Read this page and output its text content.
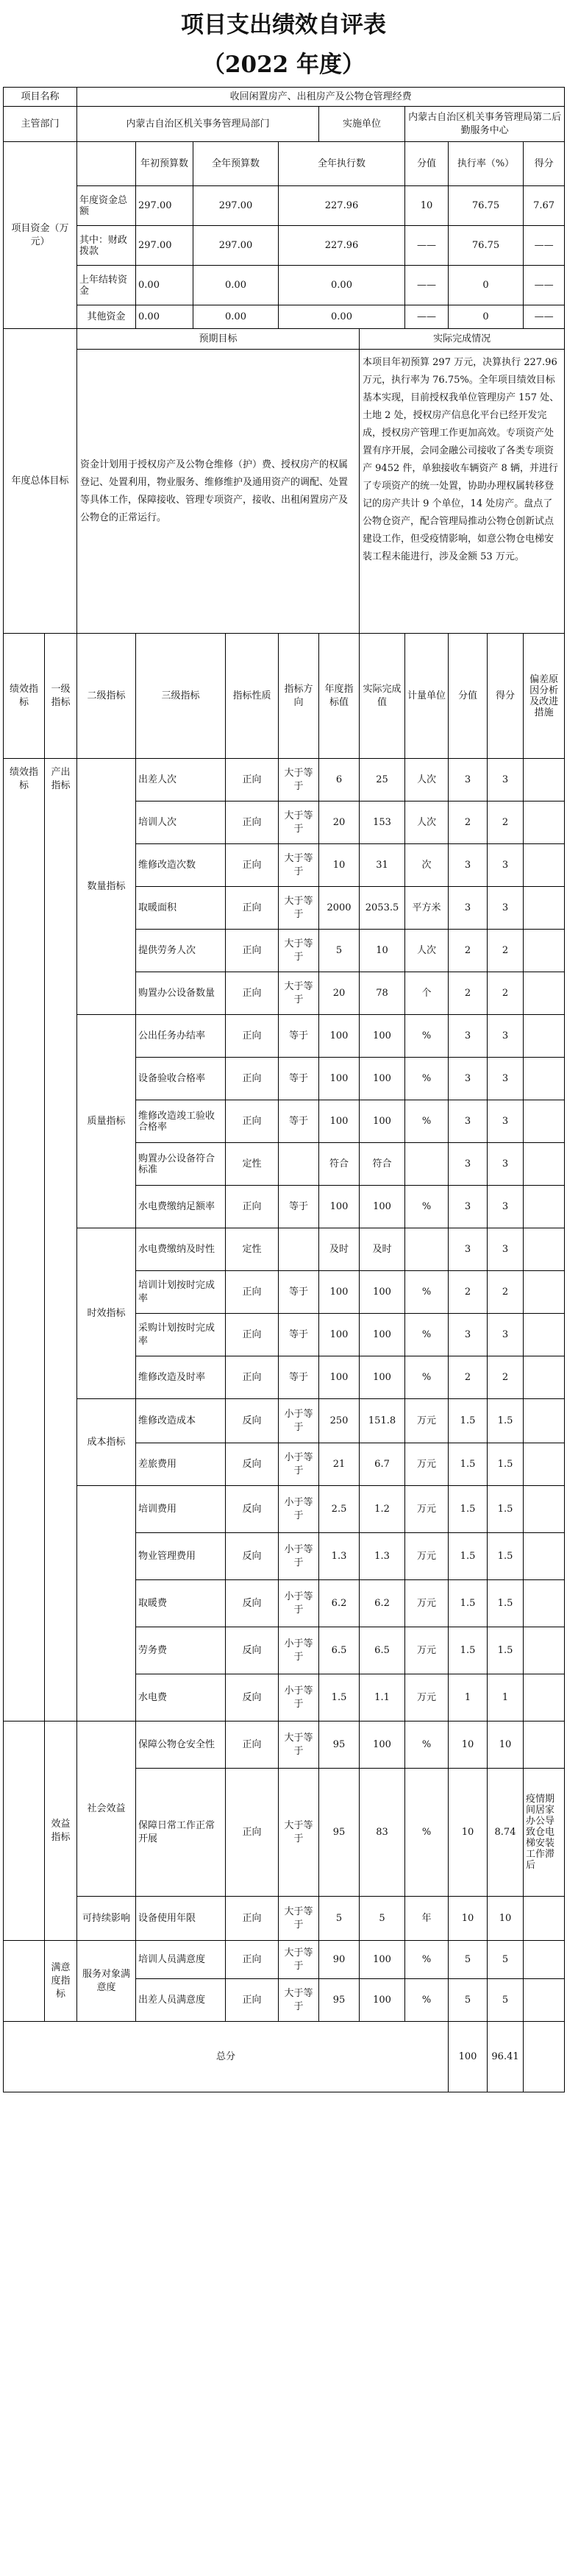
项目支出绩效自评表
（2022 年度）
项目名称		收回闲置房产、出租房产及公物仓管理经费										
主管部门		内蒙古自治区机关事务管理局部门					实施单位		内蒙古自治区机关事务管理局第二后勤服务中心			
项目资金（万元）			年初预算数	全年预算数		全年执行数			分值	执行率（%）		得分
		年度资金总额	297.00	297.00		227.96			10	76.75		7.67
		其中：财政拨款	297.00	297.00		227.96			——	76.75		——
		上年结转资金	0.00	0.00		0.00			——	0		——
		其他资金	0.00	0.00		0.00			——	0		——
年度总体目标		预期目标						实际完成情况				
		资金计划用于授权房产及公物仓维修（护）费、授权房产的权属登记、处置利用，物业服务、维修维护及通用资产的调配、处置等具体工作，保障接收、管理专项资产，接收、出租闲置房产及公物仓的正常运行。						本项目年初预算 297 万元，决算执行 227.96 万元，执行率为 76.75%。全年项目绩效目标基本实现，目前授权我单位管理房产 157 处、土地 2 处，授权房产信息化平台已经开发完成，授权房产管理工作更加高效。专项资产处置有序开展，会同金融公司接收了各类专项资产 9452 件，单独接收车辆资产 8 辆，并进行了专项资产的统一处置，协助办理权属转移登记的房产共计 9 个单位，14 处房产。盘点了公物仓资产，配合管理局推动公物仓创新试点建设工作，但受疫情影响，如意公物仓电梯安装工程未能进行，涉及金额 53 万元。				
绩效指标	一级指标	二级指标	三级指标		指标性质	指标方向	年度指标值	实际完成值	计量单位	分值	得分	偏差原因分析及改进措施
绩效指标	产出指标	数量指标	出差人次		正向	大于等于	6	25	人次	3	3	
			培训人次		正向	大于等于	20	153	人次	2	2	
			维修改造次数		正向	大于等于	10	31	次	3	3	
			取暖面积		正向	大于等于	2000	2053.5	平方米	3	3	
			提供劳务人次		正向	大于等于	5	10	人次	2	2	
			购置办公设备数量		正向	大于等于	20	78	个	2	2	
		质量指标	公出任务办结率		正向	等于	100	100	%	3	3	
			设备验收合格率		正向	等于	100	100	%	3	3	
			维修改造竣工验收合格率		正向	等于	100	100	%	3	3	
			购置办公设备符合标准		定性		符合	符合		3	3	
			水电费缴纳足额率		正向	等于	100	100	%	3	3	
		时效指标	水电费缴纳及时性		定性		及时	及时		3	3	
			培训计划按时完成率		正向	等于	100	100	%	2	2	
			采购计划按时完成率		正向	等于	100	100	%	3	3	
			维修改造及时率		正向	等于	100	100	%	2	2	
		成本指标	维修改造成本		反向	小于等于	250	151.8	万元	1.5	1.5	
			差旅费用		反向	小于等于	21	6.7	万元	1.5	1.5	
			培训费用		反向	小于等于	2.5	1.2	万元	1.5	1.5	
			物业管理费用		反向	小于等于	1.3	1.3	万元	1.5	1.5	
			取暖费		反向	小于等于	6.2	6.2	万元	1.5	1.5	
			劳务费		反向	小于等于	6.5	6.5	万元	1.5	1.5	
			水电费		反向	小于等于	1.5	1.1	万元	1	1	
	效益指标	社会效益	保障公物仓安全性		正向	大于等于	95	100	%	10	10	
			保障日常工作正常开展		正向	大于等于	95	83	%	10	8.74	疫情期间居家办公导致仓电梯安装工作滞后
		可持续影响	设备使用年限		正向	大于等于	5	5	年	10	10	
	满意度指标	服务对象满意度	培训人员满意度		正向	大于等于	90	100	%	5	5	
			出差人员满意度		正向	大于等于	95	100	%	5	5	
总分										100	96.41	
